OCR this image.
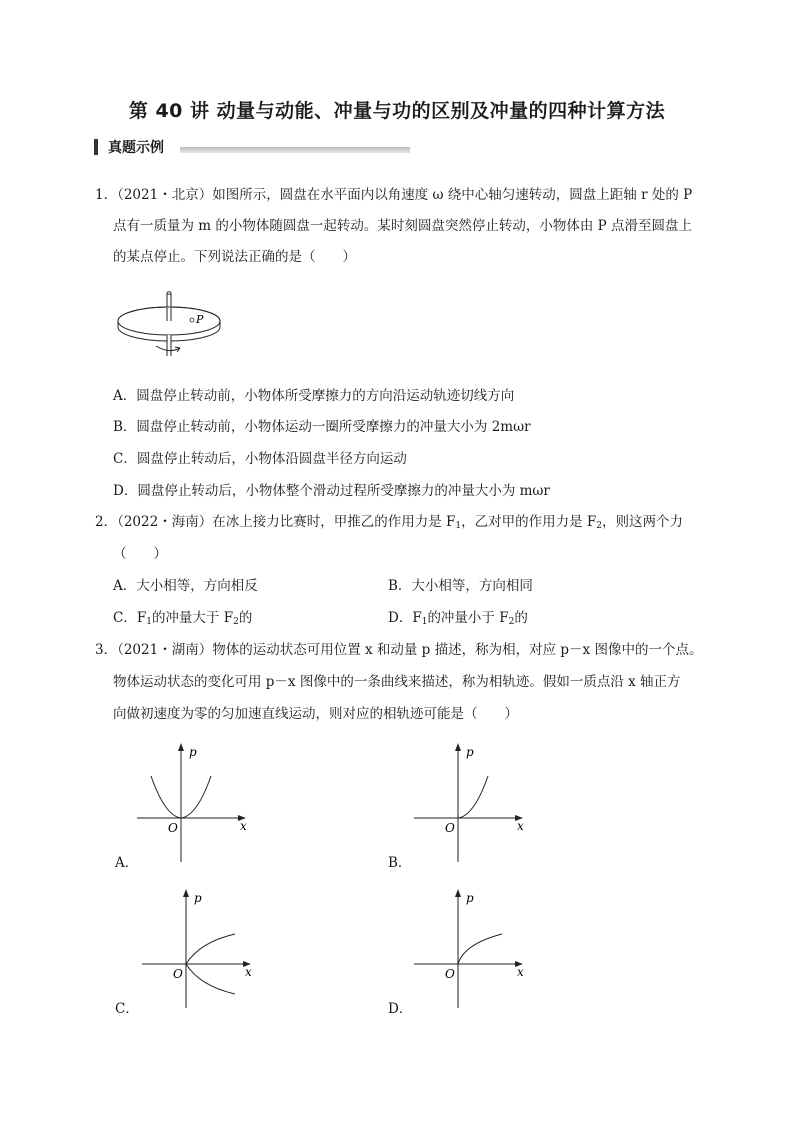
第 40 讲 动量与动能、冲量与功的区别及冲量的四种计算方法
真题示例
1．（2021・北京）如图所示，圆盘在水平面内以角速度 ω 绕中心轴匀速转动，圆盘上距轴 r 处的 P
点有一质量为 m 的小物体随圆盘一起转动。某时刻圆盘突然停止转动，小物体由 P 点滑至圆盘上
的某点停止。下列说法正确的是（　　）
P
A．圆盘停止转动前，小物体所受摩擦力的方向沿运动轨迹切线方向
B．圆盘停止转动前，小物体运动一圈所受摩擦力的冲量大小为 2mωr
C．圆盘停止转动后，小物体沿圆盘半径方向运动
D．圆盘停止转动后，小物体整个滑动过程所受摩擦力的冲量大小为 mωr
2．（2022・海南）在冰上接力比赛时，甲推乙的作用力是 $F_1$，乙对甲的作用力是 $F_2$，则这两个力
（　　）
A．大小相等，方向相反	B．大小相等，方向相同
C．$F_1$的冲量大于 $F_2$的	D．$F_1$的冲量小于 $F_2$的
3．（2021・湖南）物体的运动状态可用位置 x 和动量 p 描述，称为相，对应 p－x 图像中的一个点。
物体运动状态的变化可用 p－x 图像中的一条曲线来描述，称为相轨迹。假如一质点沿 x 轴正方
向做初速度为零的匀加速直线运动，则对应的相轨迹可能是（　　）
p
x
O
A．
p
x
O
B．
p
x
O
C．
p
x
O
D．
